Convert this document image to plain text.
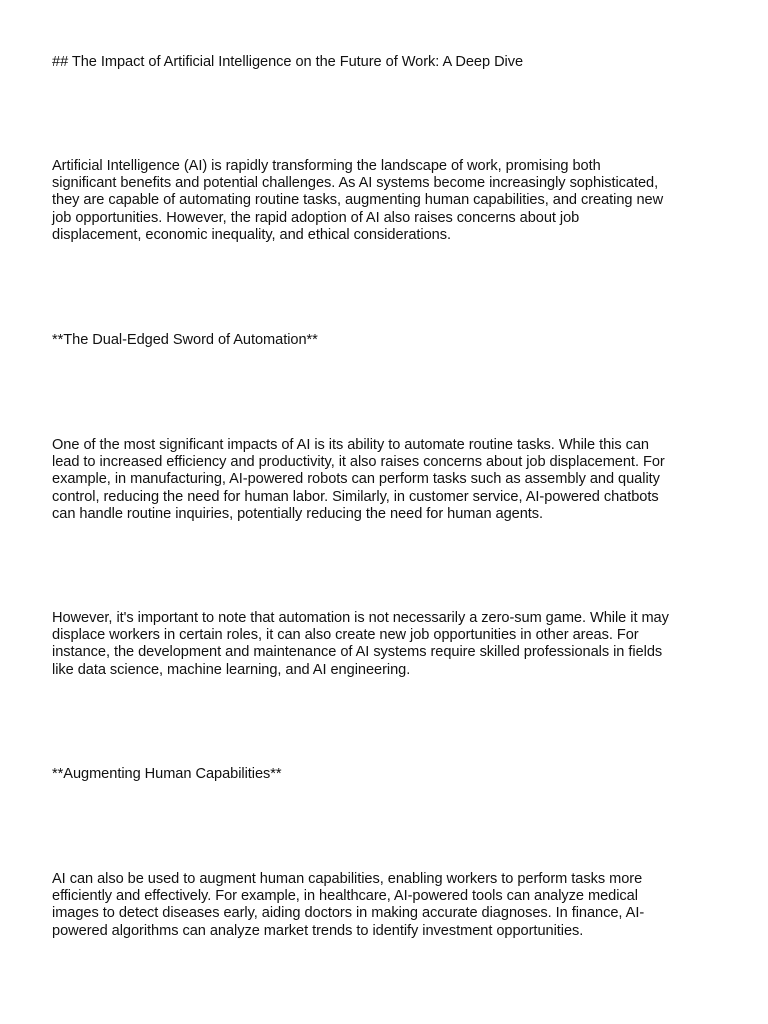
## The Impact of Artificial Intelligence on the Future of Work: A Deep Dive

Artificial Intelligence (AI) is rapidly transforming the landscape of work, promising both
significant benefits and potential challenges. As AI systems become increasingly sophisticated,
they are capable of automating routine tasks, augmenting human capabilities, and creating new
job opportunities. However, the rapid adoption of AI also raises concerns about job
displacement, economic inequality, and ethical considerations.

**The Dual-Edged Sword of Automation**

One of the most significant impacts of AI is its ability to automate routine tasks. While this can
lead to increased efficiency and productivity, it also raises concerns about job displacement. For
example, in manufacturing, AI-powered robots can perform tasks such as assembly and quality
control, reducing the need for human labor. Similarly, in customer service, AI-powered chatbots
can handle routine inquiries, potentially reducing the need for human agents.

However, it's important to note that automation is not necessarily a zero-sum game. While it may
displace workers in certain roles, it can also create new job opportunities in other areas. For
instance, the development and maintenance of AI systems require skilled professionals in fields
like data science, machine learning, and AI engineering.

**Augmenting Human Capabilities**

AI can also be used to augment human capabilities, enabling workers to perform tasks more
efficiently and effectively. For example, in healthcare, AI-powered tools can analyze medical
images to detect diseases early, aiding doctors in making accurate diagnoses. In finance, AI-
powered algorithms can analyze market trends to identify investment opportunities.
